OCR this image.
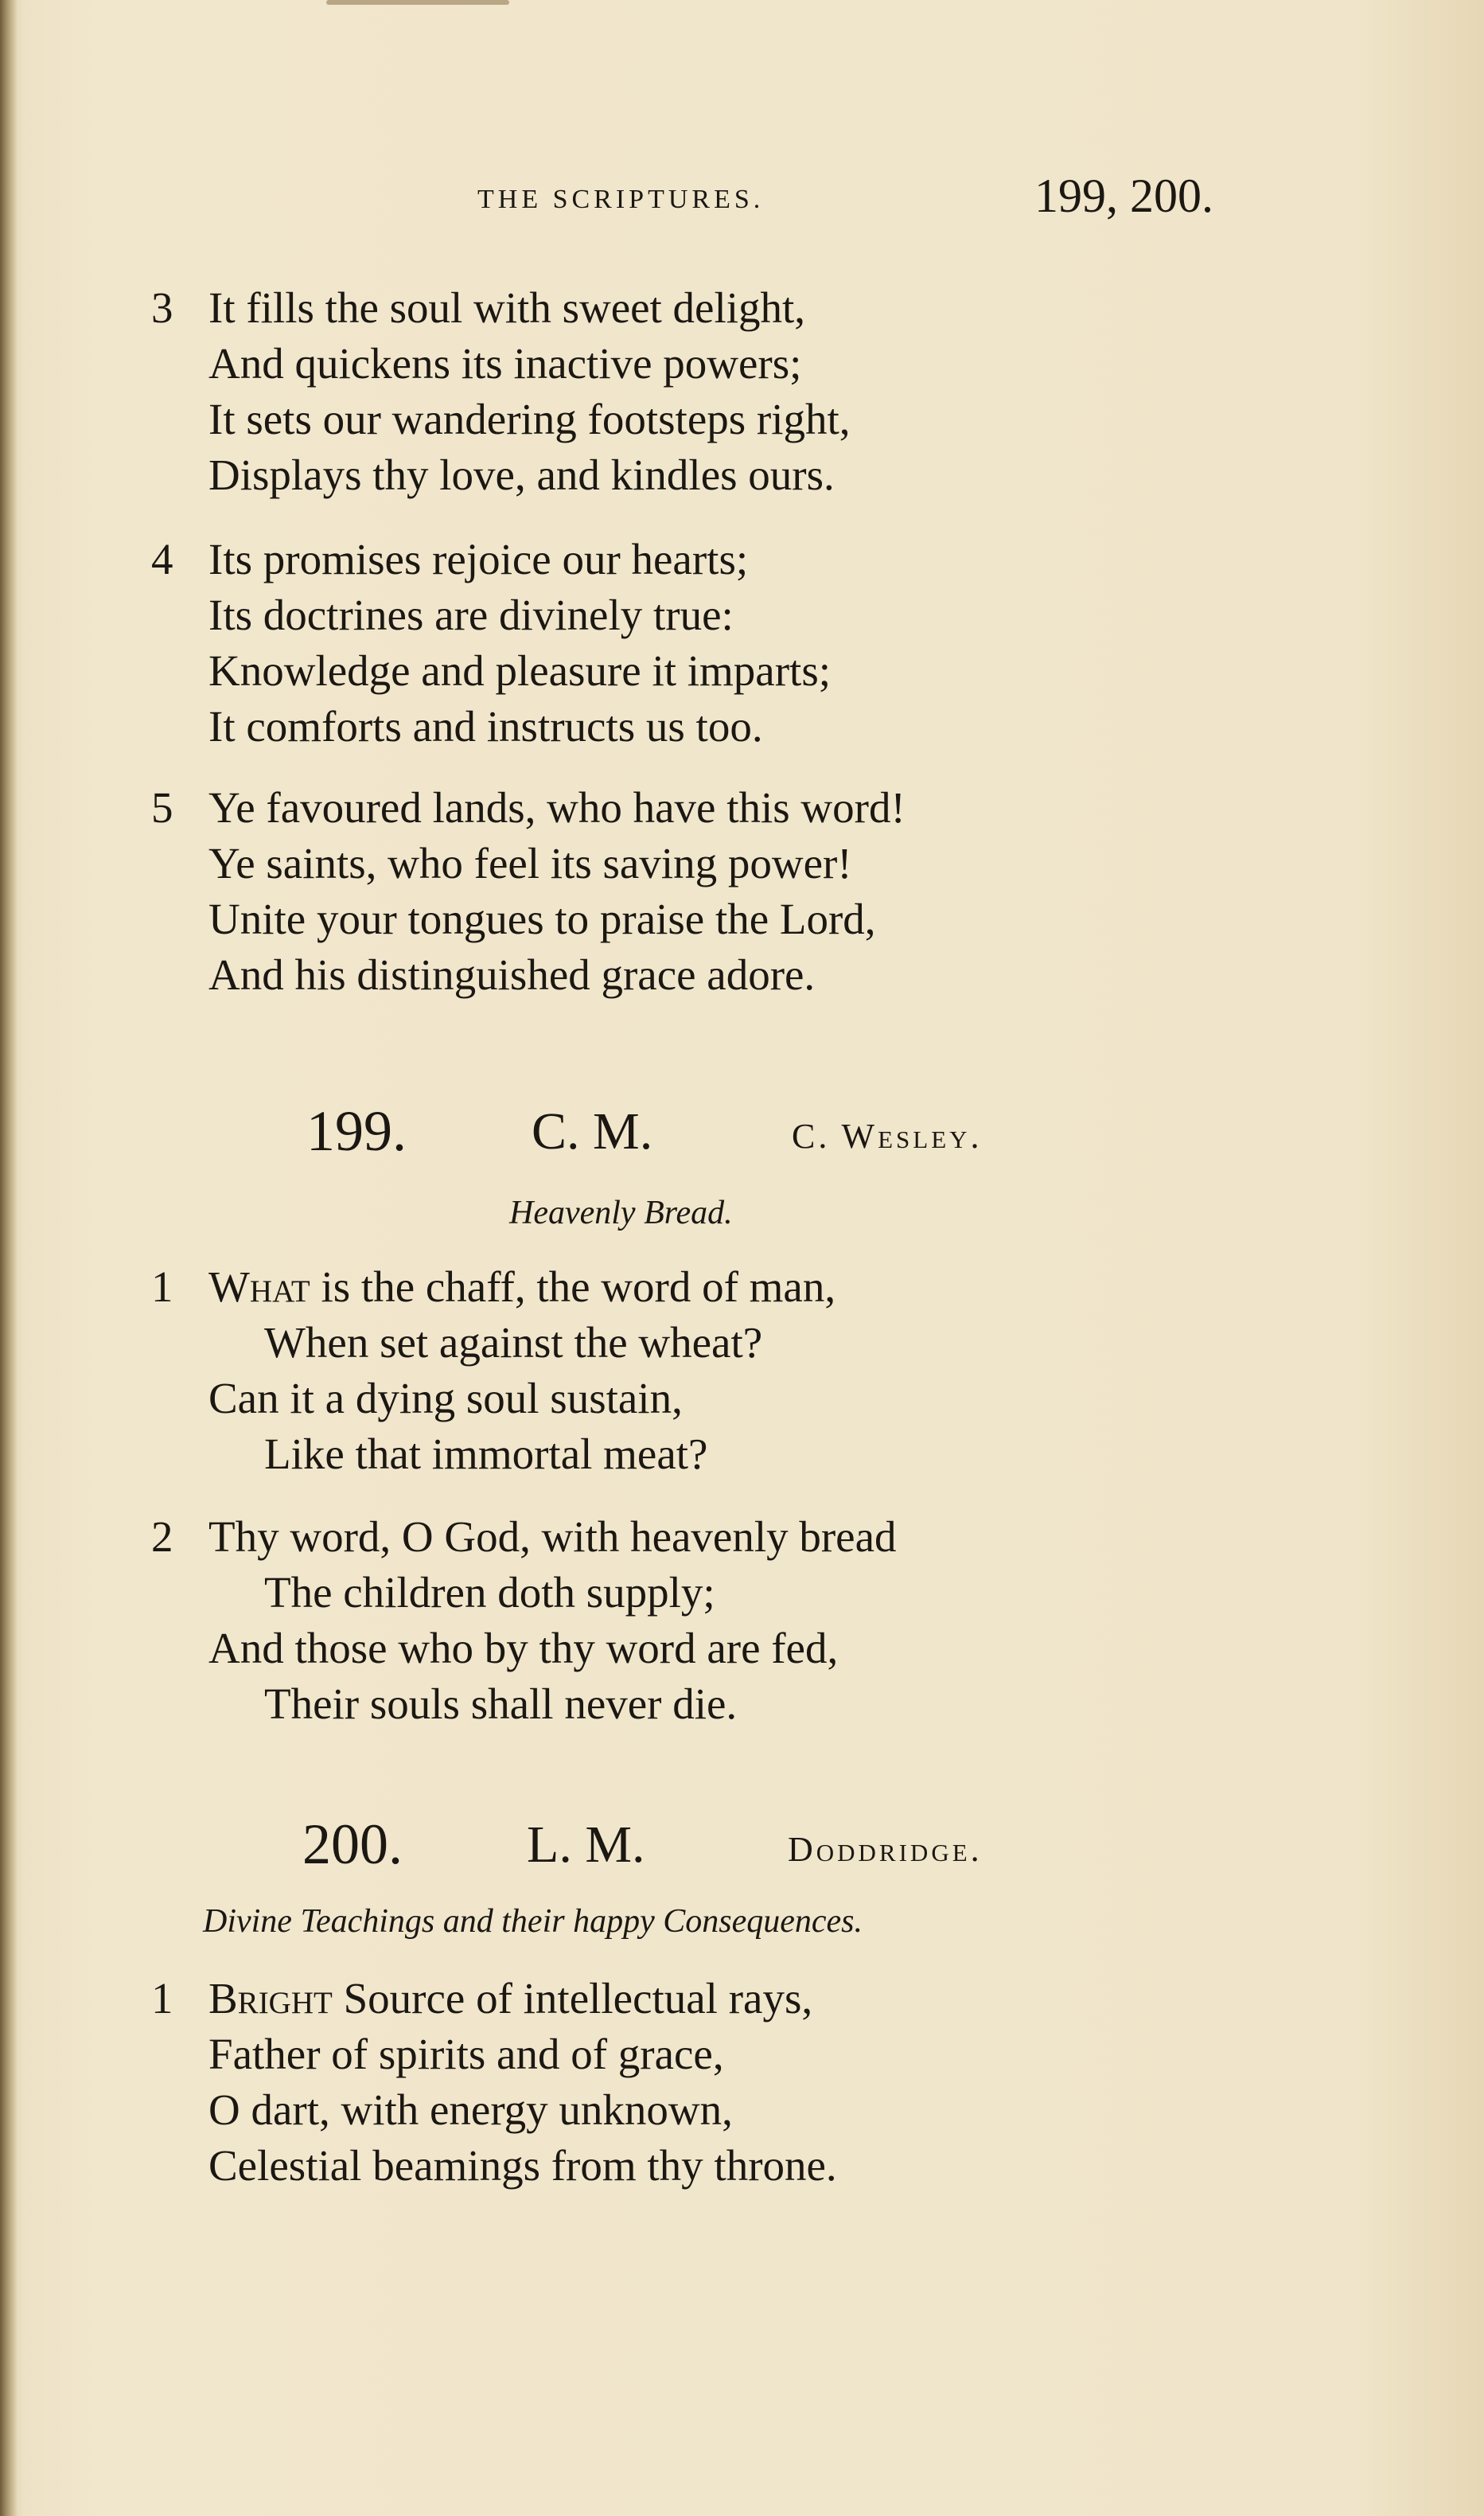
THE SCRIPTURES.	199, 200.
3 It fills the soul with sweet delight,
And quickens its inactive powers;
It sets our wandering footsteps right,
Displays thy love, and kindles ours.
4 Its promises rejoice our hearts;
Its doctrines are divinely true:
Knowledge and pleasure it imparts;
It comforts and instructs us too.
5 Ye favoured lands, who have this word!
Ye saints, who feel its saving power!
Unite your tongues to praise the Lord,
And his distinguished grace adore.
199. C. M.	C. Wesley.
Heavenly Bread.
1 What is the chaff, the word of man,
When set against the wheat?
Can it a dying soul sustain,
Like that immortal meat?
2 Thy word, O God, with heavenly bread
The children doth supply;
And those who by thy word are fed,
Their souls shall never die.
200. L. M.	Doddridge.
Divine Teachings and their happy Consequences.
1 Bright Source of intellectual rays,
Father of spirits and of grace,
O dart, with energy unknown,
Celestial beamings from thy throne.
